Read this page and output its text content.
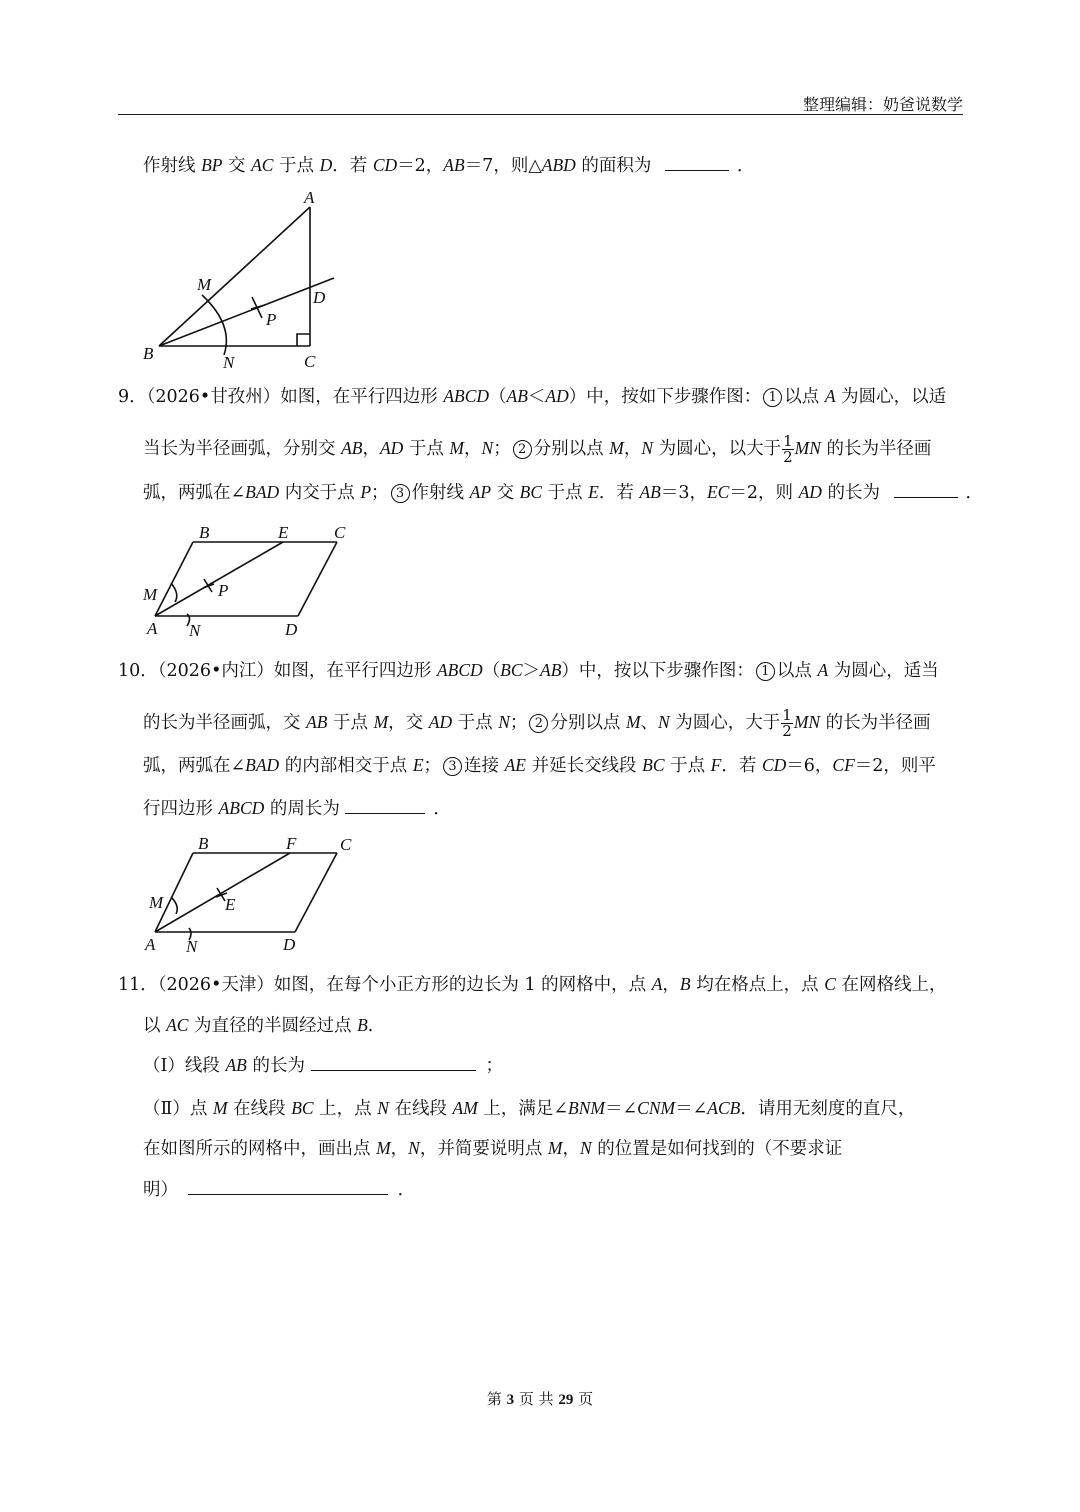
整理编辑：奶爸说数学
作射线 BP 交 AC 于点 D．若 CD＝2，AB＝7，则△ABD 的面积为	．
A
B	C
D
M
N
P
9．（2026•甘孜州）如图，在平行四边形 ABCD（AB＜AD）中，按如下步骤作图： 1 以点 A 为圆心，以适
当长为半径画弧，分别交 AB，AD 于点 M，N； 2 分别以点 M，N 为圆心，以大于 $\frac{1}{2}$ MN 的长为半径画
弧，两弧在∠BAD 内交于点 P； 3 作射线 AP 交 BC 于点 E．若 AB＝3，EC＝2，则 AD 的长为	．
B	E	C
M	P
A N	D
10．（2026•内江）如图，在平行四边形 ABCD（BC＞AB）中，按以下步骤作图： 1 以点 A 为圆心，适当
的长为半径画弧，交 AB 于点 M，交 AD 于点 N； 2 分别以点 M、N 为圆心，大于 $\frac{1}{2}$ MN 的长为半径画
弧，两弧在∠BAD 的内部相交于点 E； 3 连接 AE 并延长交线段 BC 于点 F．若 CD＝6，CF＝2，则平
行四边形 ABCD 的周长为	．
B	F	C
M	E
A N	D
11．（2026•天津）如图，在每个小正方形的边长为 1 的网格中，点 A，B 均在格点上，点 C 在网格线上，
以 AC 为直径的半圆经过点 B.
（Ⅰ）线段 AB 的长为	；
（Ⅱ）点 M 在线段 BC 上，点 N 在线段 AM 上，满足∠BNM＝∠CNM＝∠ACB．请用无刻度的直尺，
在如图所示的网格中，画出点 M，N，并简要说明点 M，N 的位置是如何找到的（不要求证
明）	．
第 3 页 共 29 页
